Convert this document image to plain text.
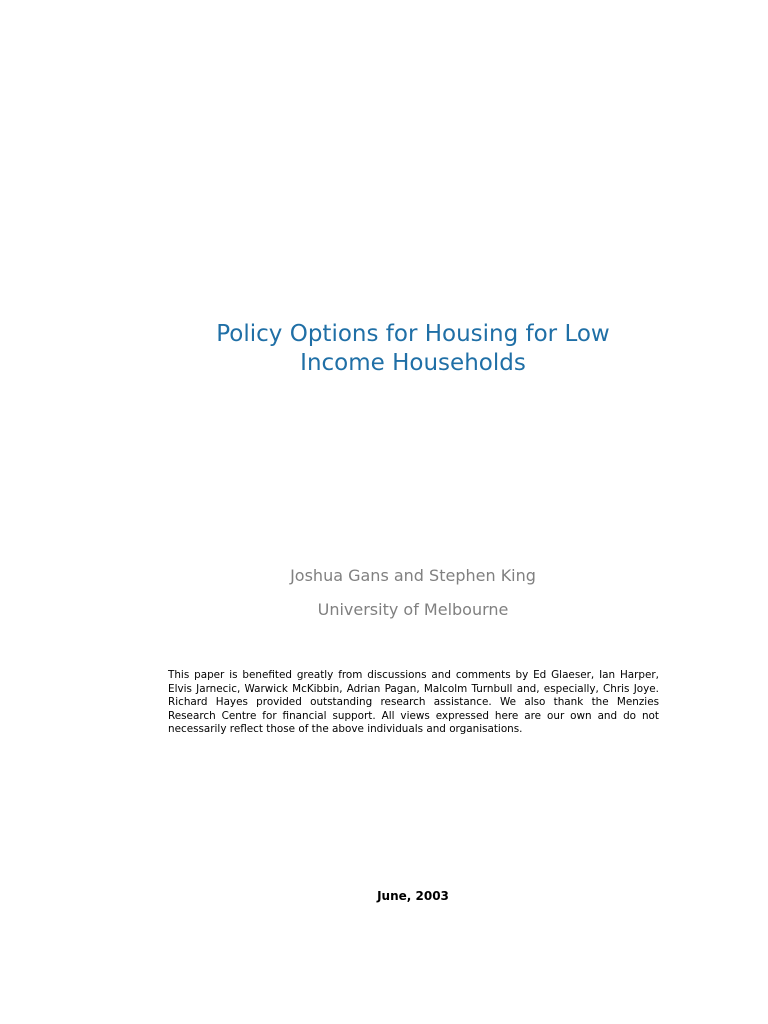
Policy Options for Housing for Low
Income Households

Joshua Gans and Stephen King

University of Melbourne

This paper is benefited greatly from discussions and comments by Ed Glaeser, Ian Harper, Elvis Jarnecic, Warwick McKibbin, Adrian Pagan, Malcolm Turnbull and, especially, Chris Joye. Richard Hayes provided outstanding research assistance. We also thank the Menzies Research Centre for financial support. All views expressed here are our own and do not necessarily reflect those of the above individuals and organisations.

June, 2003
